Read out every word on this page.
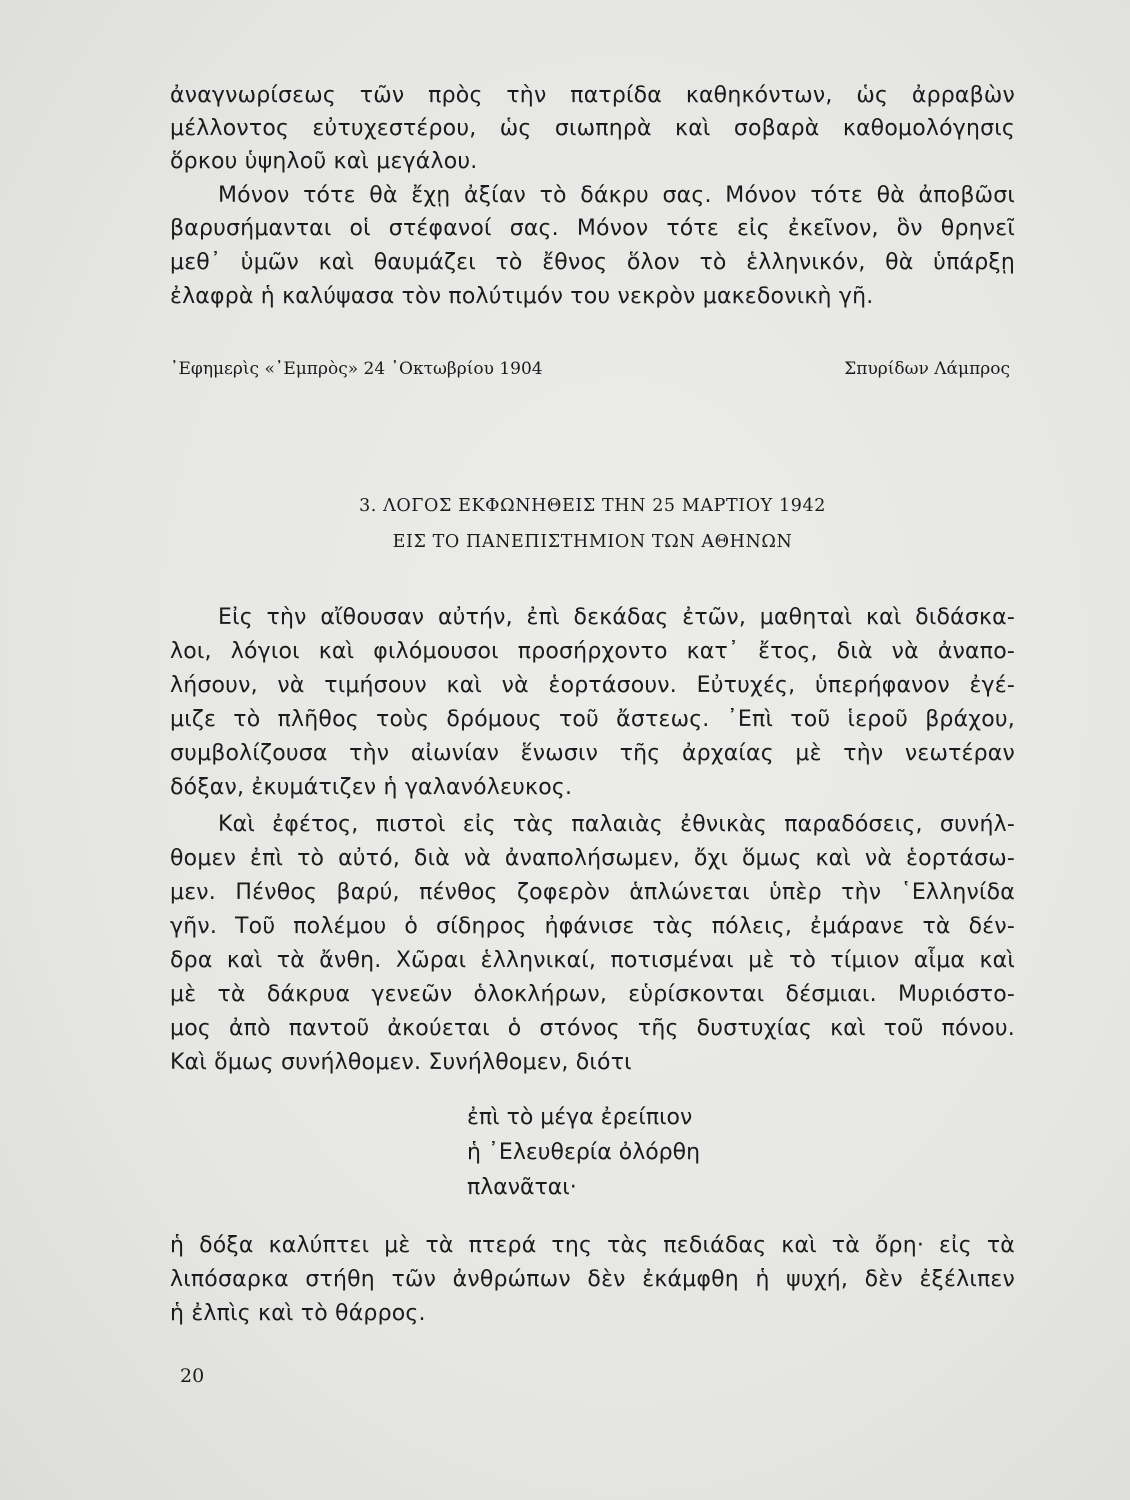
ἀναγνωρίσεως τῶν πρὸς τὴν πατρίδα καθηκόντων, ὡς ἀρραβὼν
μέλλοντος εὐτυχεστέρου, ὡς σιωπηρὰ καὶ σοβαρὰ καθομολόγησις
ὅρκου ὑψηλοῦ καὶ μεγάλου.
Μόνον τότε θὰ ἔχῃ ἀξίαν τὸ δάκρυ σας. Μόνον τότε θὰ ἀποβῶσι
βαρυσήμανται οἱ στέφανοί σας. Μόνον τότε εἰς ἐκεῖνον, ὃν θρηνεῖ
μεθ᾽ ὑμῶν καὶ θαυμάζει τὸ ἔθνος ὅλον τὸ ἑλληνικόν, θὰ ὑπάρξῃ
ἐλαφρὰ ἡ καλύψασα τὸν πολύτιμόν του νεκρὸν μακεδονικὴ γῆ.
᾽Εφημερὶς «᾽Εμπρὸς» 24 ᾽Οκτωβρίου 1904	Σπυρίδων Λάμπρος
3. ΛΟΓΟΣ ΕΚΦΩΝΗΘΕΙΣ ΤΗΝ 25 ΜΑΡΤΙΟΥ 1942
ΕΙΣ ΤΟ ΠΑΝΕΠΙΣΤΗΜΙΟΝ ΤΩΝ ΑΘΗΝΩΝ
Εἰς τὴν αἴθουσαν αὐτήν, ἐπὶ δεκάδας ἐτῶν, μαθηταὶ καὶ διδάσκα-
λοι, λόγιοι καὶ φιλόμουσοι προσήρχοντο κατ᾽ ἔτος, διὰ νὰ ἀναπο-
λήσουν, νὰ τιμήσουν καὶ νὰ ἑορτάσουν. Εὐτυχές, ὑπερήφανον ἐγέ-
μιζε τὸ πλῆθος τοὺς δρόμους τοῦ ἄστεως. ᾽Επὶ τοῦ ἱεροῦ βράχου,
συμβολίζουσα τὴν αἰωνίαν ἕνωσιν τῆς ἀρχαίας μὲ τὴν νεωτέραν
δόξαν, ἐκυμάτιζεν ἡ γαλανόλευκος.
Καὶ ἐφέτος, πιστοὶ εἰς τὰς παλαιὰς ἐθνικὰς παραδόσεις, συνήλ-
θομεν ἐπὶ τὸ αὐτό, διὰ νὰ ἀναπολήσωμεν, ὄχι ὅμως καὶ νὰ ἑορτάσω-
μεν. Πένθος βαρύ, πένθος ζοφερὸν ἁπλώνεται ὑπὲρ τὴν ῾Ελληνίδα
γῆν. Τοῦ πολέμου ὁ σίδηρος ἠφάνισε τὰς πόλεις, ἐμάρανε τὰ δέν-
δρα καὶ τὰ ἄνθη. Χῶραι ἑλληνικαί, ποτισμέναι μὲ τὸ τίμιον αἷμα καὶ
μὲ τὰ δάκρυα γενεῶν ὁλοκλήρων, εὑρίσκονται δέσμιαι. Μυριόστο-
μος ἀπὸ παντοῦ ἀκούεται ὁ στόνος τῆς δυστυχίας καὶ τοῦ πόνου.
Καὶ ὅμως συνήλθομεν. Συνήλθομεν, διότι
ἐπὶ τὸ μέγα ἐρείπιον
ἡ ᾽Ελευθερία ὀλόρθη
πλανᾶται·
ἡ δόξα καλύπτει μὲ τὰ πτερά της τὰς πεδιάδας καὶ τὰ ὄρη· εἰς τὰ
λιπόσαρκα στήθη τῶν ἀνθρώπων δὲν ἐκάμφθη ἡ ψυχή, δὲν ἐξέλιπεν
ἡ ἐλπὶς καὶ τὸ θάρρος.
20
